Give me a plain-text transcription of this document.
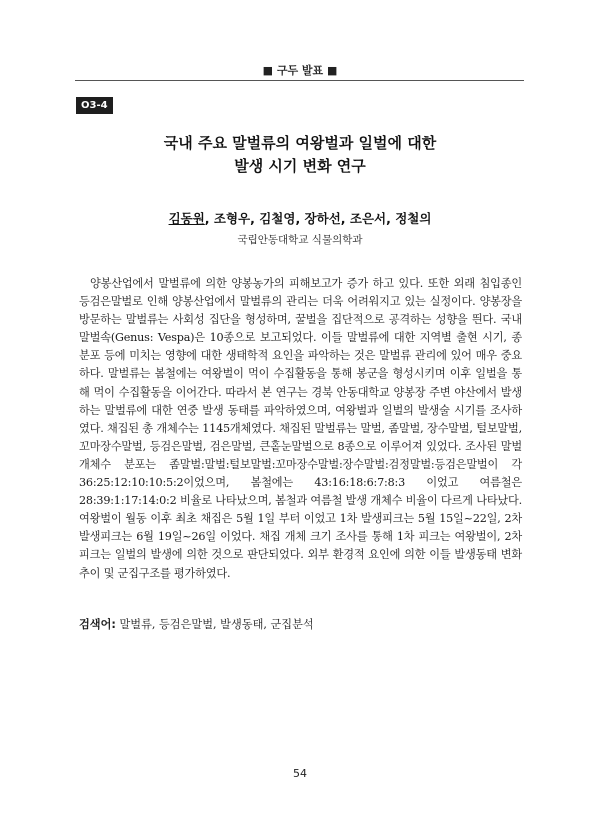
■ 구두 발표 ■
O3-4
국내 주요 말벌류의 여왕벌과 일벌에 대한
발생 시기 변화 연구
김동원, 조형우, 김철영, 장하선, 조은서, 정철의
국립안동대학교 식물의학과

양봉산업에서 말벌류에 의한 양봉농가의 피해보고가 증가 하고 있다. 또한 외래 침입종인 등검은말벌로 인해 양봉산업에서 말벌류의 관리는 더욱 어려워지고 있는 실정이다. 양봉장을 방문하는 말벌류는 사회성 집단을 형성하며, 꿀벌을 집단적으로 공격하는 성향을 띈다. 국내 말벌속(Genus: Vespa)은 10종으로 보고되었다. 이들 말벌류에 대한 지역별 출현 시기, 종 분포 등에 미치는 영향에 대한 생태학적 요인을 파악하는 것은 말벌류 관리에 있어 매우 중요하다. 말벌류는 봄철에는 여왕벌이 먹이 수집활동을 통해 봉군을 형성시키며 이후 일벌을 통해 먹이 수집활동을 이어간다. 따라서 본 연구는 경북 안동대학교 양봉장 주변 야산에서 발생하는 말벌류에 대한 연중 발생 동태를 파악하였으며, 여왕벌과 일벌의 발생술 시기를 조사하였다. 채집된 총 개체수는 1145개체였다. 채집된 말벌류는 말벌, 좀말벌, 장수말벌, 털보말벌, 꼬마장수말벌, 등검은말벌, 검은말벌, 큰홑눈말벌으로 8종으로 이루어져 있었다. 조사된 말벌 개체수 분포는 좀말벌:말벌:털보말벌:꼬마장수말벌:장수말벌:검정말벌:등검은말벌이 각 36:25:12:10:10:5:2이었으며, 봄철에는 43:16:18:6:7:8:3 이었고 여름철은 28:39:1:17:14:0:2 비율로 나타났으며, 봄철과 여름철 발생 개체수 비율이 다르게 나타났다. 여왕벌이 월동 이후 최초 채집은 5월 1일 부터 이었고 1차 발생피크는 5월 15일~22일, 2차 발생피크는 6월 19일~26일 이었다. 채집 개체 크기 조사를 통해 1차 피크는 여왕벌이, 2차 피크는 일벌의 발생에 의한 것으로 판단되었다. 외부 환경적 요인에 의한 이들 발생동태 변화 추이 및 군집구조를 평가하였다.

검색어: 말벌류, 등검은말벌, 발생동태, 군집분석
54
